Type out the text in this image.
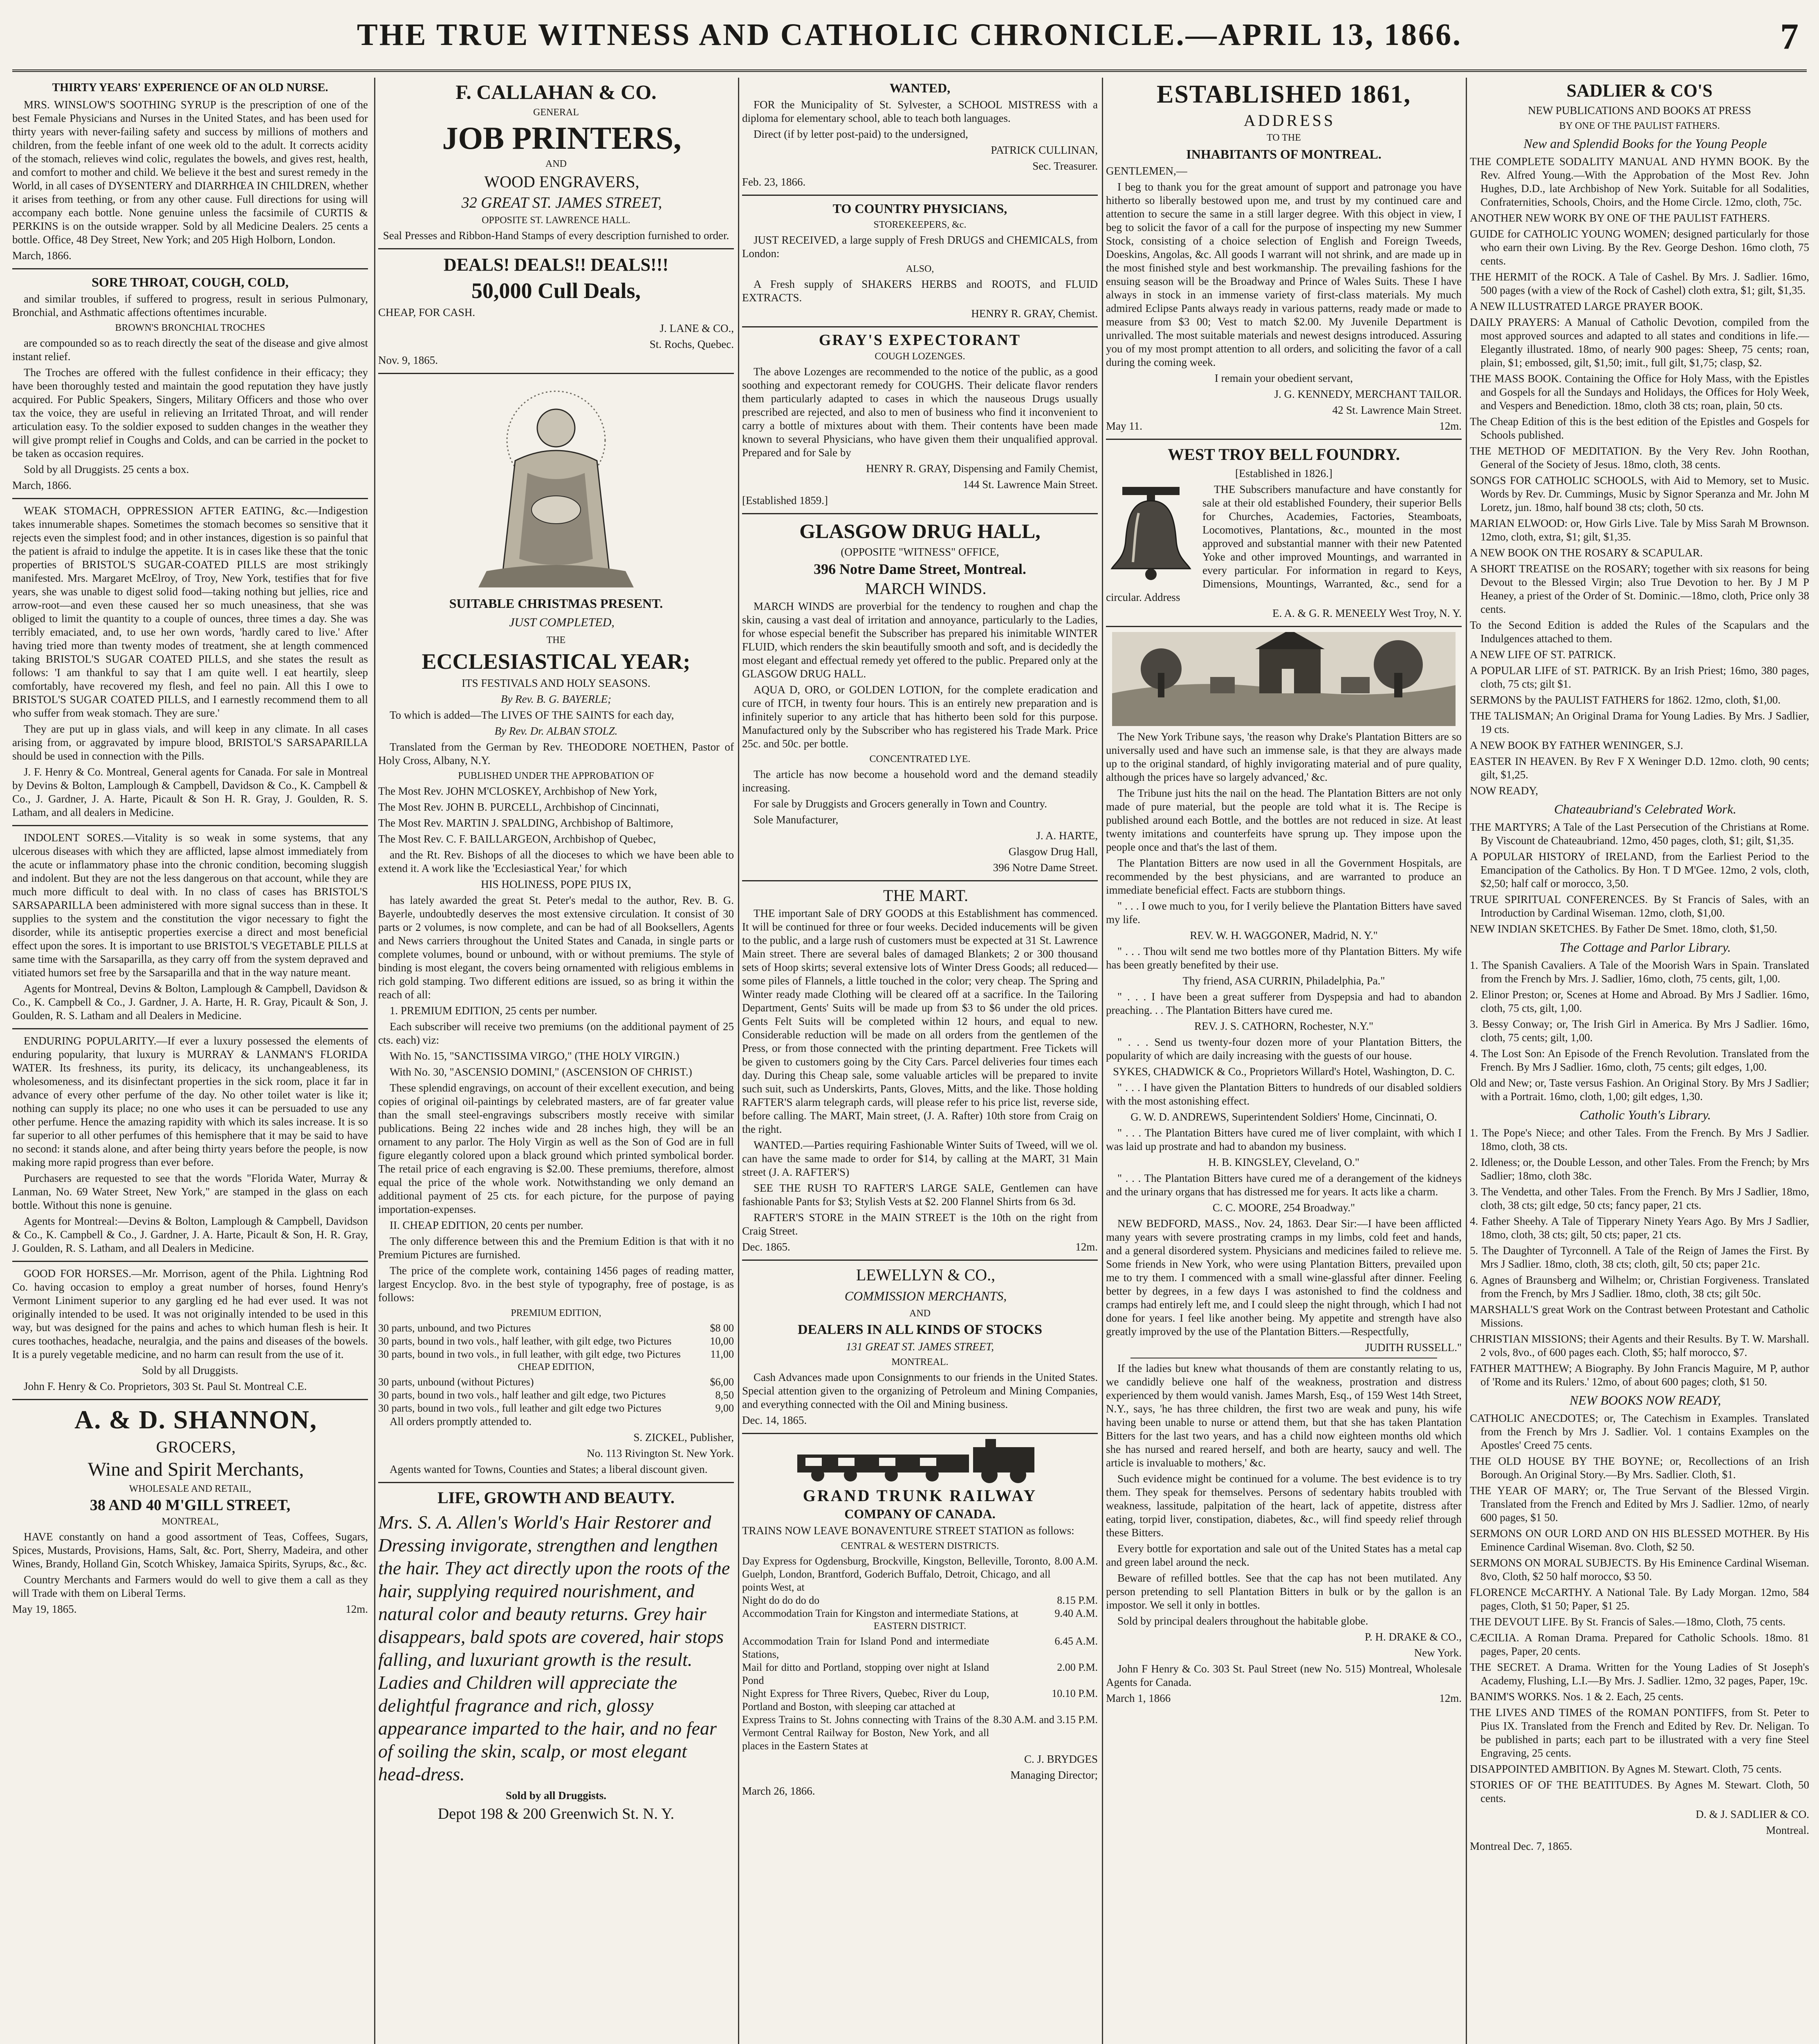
THE TRUE WITNESS AND CATHOLIC CHRONICLE.—APRIL 13, 1866.	7

THIRTY YEARS' EXPERIENCE OF AN OLD NURSE.

MRS. WINSLOW'S SOOTHING SYRUP is the prescription of one of the best Female Physicians and Nurses in the United States, and has been used for thirty years with never-failing safety and success by millions of mothers and children, from the feeble infant of one week old to the adult. It corrects acidity of the stomach, relieves wind colic, regulates the bowels, and gives rest, health, and comfort to mother and child. We believe it the best and surest remedy in the World, in all cases of DYSENTERY and DIARRHŒA IN CHILDREN, whether it arises from teething, or from any other cause. Full directions for using will accompany each bottle. None genuine unless the facsimile of CURTIS & PERKINS is on the outside wrapper. Sold by all Medicine Dealers. 25 cents a bottle. Office, 48 Dey Street, New York; and 205 High Holborn, London.

March, 1866.

SORE THROAT, COUGH, COLD,

and similar troubles, if suffered to progress, result in serious Pulmonary, Bronchial, and Asthmatic affections oftentimes incurable.

BROWN'S BRONCHIAL TROCHES

are compounded so as to reach directly the seat of the disease and give almost instant relief.

The Troches are offered with the fullest confidence in their efficacy; they have been thoroughly tested and maintain the good reputation they have justly acquired. For Public Speakers, Singers, Military Officers and those who over tax the voice, they are useful in relieving an Irritated Throat, and will render articulation easy. To the soldier exposed to sudden changes in the weather they will give prompt relief in Coughs and Colds, and can be carried in the pocket to be taken as occasion requires.

Sold by all Druggists. 25 cents a box.

March, 1866.

WEAK STOMACH, OPPRESSION AFTER EATING, &c.—Indigestion takes innumerable shapes. Sometimes the stomach becomes so sensitive that it rejects even the simplest food; and in other instances, digestion is so painful that the patient is afraid to indulge the appetite. It is in cases like these that the tonic properties of BRISTOL'S SUGAR-COATED PILLS are most strikingly manifested. Mrs. Margaret McElroy, of Troy, New York, testifies that for five years, she was unable to digest solid food—taking nothing but jellies, rice and arrow-root—and even these caused her so much uneasiness, that she was obliged to limit the quantity to a couple of ounces, three times a day. She was terribly emaciated, and, to use her own words, 'hardly cared to live.' After having tried more than twenty modes of treatment, she at length commenced taking BRISTOL'S SUGAR COATED PILLS, and she states the result as follows: 'I am thankful to say that I am quite well. I eat heartily, sleep comfortably, have recovered my flesh, and feel no pain. All this I owe to BRISTOL'S SUGAR COATED PILLS, and I earnestly recommend them to all who suffer from weak stomach. They are sure.'

They are put up in glass vials, and will keep in any climate. In all cases arising from, or aggravated by impure blood, BRISTOL'S SARSAPARILLA should be used in connection with the Pills.

J. F. Henry & Co. Montreal, General agents for Canada. For sale in Montreal by Devins & Bolton, Lamplough & Campbell, Davidson & Co., K. Campbell & Co., J. Gardner, J. A. Harte, Picault & Son H. R. Gray, J. Goulden, R. S. Latham, and all dealers in Medicine.

INDOLENT SORES.—Vitality is so weak in some systems, that any ulcerous diseases with which they are afflicted, lapse almost immediately from the acute or inflammatory phase into the chronic condition, becoming sluggish and indolent. But they are not the less dangerous on that account, while they are much more difficult to deal with. In no class of cases has BRISTOL'S SARSAPARILLA been administered with more signal success than in these. It supplies to the system and the constitution the vigor necessary to fight the disorder, while its antiseptic properties exercise a direct and most beneficial effect upon the sores. It is important to use BRISTOL'S VEGETABLE PILLS at same time with the Sarsaparilla, as they carry off from the system depraved and vitiated humors set free by the Sarsaparilla and that in the way nature meant.

Agents for Montreal, Devins & Bolton, Lamplough & Campbell, Davidson & Co., K. Campbell & Co., J. Gardner, J. A. Harte, H. R. Gray, Picault & Son, J. Goulden, R. S. Latham and all Dealers in Medicine.

ENDURING POPULARITY.—If ever a luxury possessed the elements of enduring popularity, that luxury is MURRAY & LANMAN'S FLORIDA WATER. Its freshness, its purity, its delicacy, its unchangeableness, its wholesomeness, and its disinfectant properties in the sick room, place it far in advance of every other perfume of the day. No other toilet water is like it; nothing can supply its place; no one who uses it can be persuaded to use any other perfume. Hence the amazing rapidity with which its sales increase. It is so far superior to all other perfumes of this hemisphere that it may be said to have no second: it stands alone, and after being thirty years before the people, is now making more rapid progress than ever before.

Purchasers are requested to see that the words "Florida Water, Murray & Lanman, No. 69 Water Street, New York," are stamped in the glass on each bottle. Without this none is genuine.

Agents for Montreal:—Devins & Bolton, Lamplough & Campbell, Davidson & Co., K. Campbell & Co., J. Gardner, J. A. Harte, Picault & Son, H. R. Gray, J. Goulden, R. S. Latham, and all Dealers in Medicine.

GOOD FOR HORSES.—Mr. Morrison, agent of the Phila. Lightning Rod Co. having occasion to employ a great number of horses, found Henry's Vermont Liniment superior to any gargling ed he had ever used. It was not originally intended to be used. It was not originally intended to be used in this way, but was designed for the pains and aches to which human flesh is heir. It cures toothaches, headache, neuralgia, and the pains and diseases of the bowels. It is a purely vegetable medicine, and no harm can result from the use of it.

Sold by all Druggists.

John F. Henry & Co. Proprietors, 303 St. Paul St. Montreal C.E.

A. & D. SHANNON,

GROCERS,

Wine and Spirit Merchants,

WHOLESALE AND RETAIL,

38 AND 40 M'GILL STREET,

MONTREAL,

HAVE constantly on hand a good assortment of Teas, Coffees, Sugars, Spices, Mustards, Provisions, Hams, Salt, &c. Port, Sherry, Madeira, and other Wines, Brandy, Holland Gin, Scotch Whiskey, Jamaica Spirits, Syrups, &c., &c.

Country Merchants and Farmers would do well to give them a call as they will Trade with them on Liberal Terms.

May 19, 1865.	12m.

F. CALLAHAN & CO.

GENERAL

JOB PRINTERS,

AND

WOOD ENGRAVERS,

32 GREAT ST. JAMES STREET,

OPPOSITE ST. LAWRENCE HALL.

Seal Presses and Ribbon-Hand Stamps of every description furnished to order.

DEALS! DEALS!! DEALS!!!

50,000 Cull Deals,

CHEAP, FOR CASH.

J. LANE & CO.,

St. Rochs, Quebec.

Nov. 9, 1865.

SUITABLE CHRISTMAS PRESENT.

JUST COMPLETED,

THE

ECCLESIASTICAL YEAR;

ITS FESTIVALS AND HOLY SEASONS.

By Rev. B. G. BAYERLE;

To which is added—The LIVES OF THE SAINTS for each day,

By Rev. Dr. ALBAN STOLZ.

Translated from the German by Rev. THEODORE NOETHEN, Pastor of Holy Cross, Albany, N.Y.

PUBLISHED UNDER THE APPROBATION OF

The Most Rev. JOHN M'CLOSKEY, Archbishop of New York,

The Most Rev. JOHN B. PURCELL, Archbishop of Cincinnati,

The Most Rev. MARTIN J. SPALDING, Archbishop of Baltimore,

The Most Rev. C. F. BAILLARGEON, Archbishop of Quebec,

and the Rt. Rev. Bishops of all the dioceses to which we have been able to extend it. A work like the 'Ecclesiastical Year,' for which

HIS HOLINESS, POPE PIUS IX,

has lately awarded the great St. Peter's medal to the author, Rev. B. G. Bayerle, undoubtedly deserves the most extensive circulation. It consist of 30 parts or 2 volumes, is now complete, and can be had of all Booksellers, Agents and News carriers throughout the United States and Canada, in single parts or complete volumes, bound or unbound, with or without premiums. The style of binding is most elegant, the covers being ornamented with religious emblems in rich gold stamping. Two different editions are issued, so as bring it within the reach of all:

1. PREMIUM EDITION, 25 cents per number.

Each subscriber will receive two premiums (on the additional payment of 25 cts. each) viz:

With No. 15, "SANCTISSIMA VIRGO," (THE HOLY VIRGIN.)

With No. 30, "ASCENSIO DOMINI," (ASCENSION OF CHRIST.)

These splendid engravings, on account of their excellent execution, and being copies of original oil-paintings by celebrated masters, are of far greater value than the small steel-engravings subscribers mostly receive with similar publications. Being 22 inches wide and 28 inches high, they will be an ornament to any parlor. The Holy Virgin as well as the Son of God are in full figure elegantly colored upon a black ground which printed symbolical border. The retail price of each engraving is $2.00. These premiums, therefore, almost equal the price of the whole work. Notwithstanding we only demand an additional payment of 25 cts. for each picture, for the purpose of paying importation-expenses.

II. CHEAP EDITION, 20 cents per number.

The only difference between this and the Premium Edition is that with it no Premium Pictures are furnished.

The price of the complete work, containing 1456 pages of reading matter, largest Encyclop. 8vo. in the best style of typography, free of postage, is as follows:

PREMIUM EDITION,

30 parts, unbound, and two Pictures	$8 00
30 parts, bound in two vols., half leather, with gilt edge, two Pictures	10,00
30 parts, bound in two vols., in full leather, with gilt edge, two Pictures	11,00

CHEAP EDITION,

30 parts, unbound (without Pictures)	$6,00
30 parts, bound in two vols., half leather and gilt edge, two Pictures	8,50
30 parts, bound in two vols., full leather and gilt edge two Pictures	9,00

All orders promptly attended to.

S. ZICKEL, Publisher,

No. 113 Rivington St. New York.

Agents wanted for Towns, Counties and States; a liberal discount given.

LIFE, GROWTH AND BEAUTY.

Mrs. S. A. Allen's World's Hair Restorer and Dressing invigorate, strengthen and lengthen the hair. They act directly upon the roots of the hair, supplying required nourishment, and natural color and beauty returns. Grey hair disappears, bald spots are covered, hair stops falling, and luxuriant growth is the result. Ladies and Children will appreciate the delightful fragrance and rich, glossy appearance imparted to the hair, and no fear of soiling the skin, scalp, or most elegant head-dress.

Sold by all Druggists.

Depot 198 & 200 Greenwich St. N. Y.

WANTED,

FOR the Municipality of St. Sylvester, a SCHOOL MISTRESS with a diploma for elementary school, able to teach both languages.

Direct (if by letter post-paid) to the undersigned,

PATRICK CULLINAN,

Sec. Treasurer.

Feb. 23, 1866.

TO COUNTRY PHYSICIANS,

STOREKEEPERS, &c.

JUST RECEIVED, a large supply of Fresh DRUGS and CHEMICALS, from London:

ALSO,

A Fresh supply of SHAKERS HERBS and ROOTS, and FLUID EXTRACTS.

HENRY R. GRAY, Chemist.

GRAY'S EXPECTORANT

COUGH LOZENGES.

The above Lozenges are recommended to the notice of the public, as a good soothing and expectorant remedy for COUGHS. Their delicate flavor renders them particularly adapted to cases in which the nauseous Drugs usually prescribed are rejected, and also to men of business who find it inconvenient to carry a bottle of mixtures about with them. Their contents have been made known to several Physicians, who have given them their unqualified approval. Prepared and for Sale by

HENRY R. GRAY, Dispensing and Family Chemist,

144 St. Lawrence Main Street.

[Established 1859.]

GLASGOW DRUG HALL,

(OPPOSITE "WITNESS" OFFICE,

396 Notre Dame Street, Montreal.

MARCH WINDS.

MARCH WINDS are proverbial for the tendency to roughen and chap the skin, causing a vast deal of irritation and annoyance, particularly to the Ladies, for whose especial benefit the Subscriber has prepared his inimitable WINTER FLUID, which renders the skin beautifully smooth and soft, and is decidedly the most elegant and effectual remedy yet offered to the public. Prepared only at the GLASGOW DRUG HALL.

AQUA D, ORO, or GOLDEN LOTION, for the complete eradication and cure of ITCH, in twenty four hours. This is an entirely new preparation and is infinitely superior to any article that has hitherto been sold for this purpose. Manufactured only by the Subscriber who has registered his Trade Mark. Price 25c. and 50c. per bottle.

CONCENTRATED LYE.

The article has now become a household word and the demand steadily increasing.

For sale by Druggists and Grocers generally in Town and Country.

Sole Manufacturer,

J. A. HARTE,

Glasgow Drug Hall,

396 Notre Dame Street.

THE MART.

THE important Sale of DRY GOODS at this Establishment has commenced. It will be continued for three or four weeks. Decided inducements will be given to the public, and a large rush of customers must be expected at 31 St. Lawrence Main street. There are several bales of damaged Blankets; 2 or 300 thousand sets of Hoop skirts; several extensive lots of Winter Dress Goods; all reduced—some piles of Flannels, a little touched in the color; very cheap. The Spring and Winter ready made Clothing will be cleared off at a sacrifice. In the Tailoring Department, Gents' Suits will be made up from $3 to $6 under the old prices. Gents Felt Suits will be completed within 12 hours, and equal to new. Considerable reduction will be made on all orders from the gentlemen of the Press, or from those connected with the printing department. Free Tickets will be given to customers going by the City Cars. Parcel deliveries four times each day. During this Cheap sale, some valuable articles will be prepared to invite such suit, such as Underskirts, Pants, Gloves, Mitts, and the like. Those holding RAFTER'S alarm telegraph cards, will please refer to his price list, reverse side, before calling. The MART, Main street, (J. A. Rafter) 10th store from Craig on the right.

WANTED.—Parties requiring Fashionable Winter Suits of Tweed, will we ol. can have the same made to order for $14, by calling at the MART, 31 Main street (J. A. RAFTER'S)

SEE THE RUSH TO RAFTER'S LARGE SALE, Gentlemen can have fashionable Pants for $3; Stylish Vests at $2. 200 Flannel Shirts from 6s 3d.

RAFTER'S STORE in the MAIN STREET is the 10th on the right from Craig Street.

Dec. 1865.	12m.

LEWELLYN & CO.,

COMMISSION MERCHANTS,

AND

DEALERS IN ALL KINDS OF STOCKS

131 GREAT ST. JAMES STREET,

MONTREAL.

Cash Advances made upon Consignments to our friends in the United States. Special attention given to the organizing of Petroleum and Mining Companies, and everything connected with the Oil and Mining business.

Dec. 14, 1865.

GRAND TRUNK RAILWAY

COMPANY OF CANADA.

TRAINS NOW LEAVE BONAVENTURE STREET STATION as follows:

CENTRAL & WESTERN DISTRICTS.

Day Express for Ogdensburg, Brockville, Kingston, Belleville, Toronto, Guelph, London, Brantford, Goderich Buffalo, Detroit, Chicago, and all points West, at	8.00 A.M.
Night do do do do	8.15 P.M.
Accommodation Train for Kingston and intermediate Stations, at	9.40 A.M.

EASTERN DISTRICT.

Accommodation Train for Island Pond and intermediate Stations,	6.45 A.M.
Mail for ditto and Portland, stopping over night at Island Pond	2.00 P.M.
Night Express for Three Rivers, Quebec, River du Loup, Portland and Boston, with sleeping car attached at	10.10 P.M.
Express Trains to St. Johns connecting with Trains of the Vermont Central Railway for Boston, New York, and all places in the Eastern States at	8.30 A.M. and 3.15 P.M.

C. J. BRYDGES

Managing Director;

March 26, 1866.

ESTABLISHED 1861,

ADDRESS

TO THE

INHABITANTS OF MONTREAL.

GENTLEMEN,—

I beg to thank you for the great amount of support and patronage you have hitherto so liberally bestowed upon me, and trust by my continued care and attention to secure the same in a still larger degree. With this object in view, I beg to solicit the favor of a call for the purpose of inspecting my new Summer Stock, consisting of a choice selection of English and Foreign Tweeds, Doeskins, Angolas, &c. All goods I warrant will not shrink, and are made up in the most finished style and best workmanship. The prevailing fashions for the ensuing season will be the Broadway and Prince of Wales Suits. These I have always in stock in an immense variety of first-class materials. My much admired Eclipse Pants always ready in various patterns, ready made or made to measure from $3 00; Vest to match $2.00. My Juvenile Department is unrivalled. The most suitable materials and newest designs introduced. Assuring you of my most prompt attention to all orders, and soliciting the favor of a call during the coming week.

I remain your obedient servant,

J. G. KENNEDY, MERCHANT TAILOR.

42 St. Lawrence Main Street.

May 11.	12m.

WEST TROY BELL FOUNDRY.

[Established in 1826.]

THE Subscribers manufacture and have constantly for sale at their old established Foundery, their superior Bells for Churches, Academies, Factories, Steamboats, Locomotives, Plantations, &c., mounted in the most approved and substantial manner with their new Patented Yoke and other improved Mountings, and warranted in every particular. For information in regard to Keys, Dimensions, Mountings, Warranted, &c., send for a circular. Address

E. A. & G. R. MENEELY West Troy, N. Y.

The New York Tribune says, 'the reason why Drake's Plantation Bitters are so universally used and have such an immense sale, is that they are always made up to the original standard, of highly invigorating material and of pure quality, although the prices have so largely advanced,' &c.

The Tribune just hits the nail on the head. The Plantation Bitters are not only made of pure material, but the people are told what it is. The Recipe is published around each Bottle, and the bottles are not reduced in size. At least twenty imitations and counterfeits have sprung up. They impose upon the people once and that's the last of them.

The Plantation Bitters are now used in all the Government Hospitals, are recommended by the best physicians, and are warranted to produce an immediate beneficial effect. Facts are stubborn things.

" . . . I owe much to you, for I verily believe the Plantation Bitters have saved my life.

REV. W. H. WAGGONER, Madrid, N. Y."

" . . . Thou wilt send me two bottles more of thy Plantation Bitters. My wife has been greatly benefited by their use.

Thy friend, ASA CURRIN, Philadelphia, Pa."

" . . . I have been a great sufferer from Dyspepsia and had to abandon preaching. . . The Plantation Bitters have cured me.

REV. J. S. CATHORN, Rochester, N.Y."

" . . . Send us twenty-four dozen more of your Plantation Bitters, the popularity of which are daily increasing with the guests of our house.

SYKES, CHADWICK & Co., Proprietors Willard's Hotel, Washington, D. C.

" . . . I have given the Plantation Bitters to hundreds of our disabled soldiers with the most astonishing effect.

G. W. D. ANDREWS, Superintendent Soldiers' Home, Cincinnati, O.

" . . . The Plantation Bitters have cured me of liver complaint, with which I was laid up prostrate and had to abandon my business.

H. B. KINGSLEY, Cleveland, O."

" . . . The Plantation Bitters have cured me of a derangement of the kidneys and the urinary organs that has distressed me for years. It acts like a charm.

C. C. MOORE, 254 Broadway."

NEW BEDFORD, MASS., Nov. 24, 1863. Dear Sir:—I have been afflicted many years with severe prostrating cramps in my limbs, cold feet and hands, and a general disordered system. Physicians and medicines failed to relieve me. Some friends in New York, who were using Plantation Bitters, prevailed upon me to try them. I commenced with a small wine-glassful after dinner. Feeling better by degrees, in a few days I was astonished to find the coldness and cramps had entirely left me, and I could sleep the night through, which I had not done for years. I feel like another being. My appetite and strength have also greatly improved by the use of the Plantation Bitters.—Respectfully,

JUDITH RUSSELL."

If the ladies but knew what thousands of them are constantly relating to us, we candidly believe one half of the weakness, prostration and distress experienced by them would vanish. James Marsh, Esq., of 159 West 14th Street, N.Y., says, 'he has three children, the first two are weak and puny, his wife having been unable to nurse or attend them, but that she has taken Plantation Bitters for the last two years, and has a child now eighteen months old which she has nursed and reared herself, and both are hearty, saucy and well. The article is invaluable to mothers,' &c.

Such evidence might be continued for a volume. The best evidence is to try them. They speak for themselves. Persons of sedentary habits troubled with weakness, lassitude, palpitation of the heart, lack of appetite, distress after eating, torpid liver, constipation, diabetes, &c., will find speedy relief through these Bitters.

Every bottle for exportation and sale out of the United States has a metal cap and green label around the neck.

Beware of refilled bottles. See that the cap has not been mutilated. Any person pretending to sell Plantation Bitters in bulk or by the gallon is an impostor. We sell it only in bottles.

Sold by principal dealers throughout the habitable globe.

P. H. DRAKE & CO.,

New York.

John F Henry & Co. 303 St. Paul Street (new No. 515) Montreal, Wholesale Agents for Canada.

March 1, 1866	12m.

SADLIER & CO'S

NEW PUBLICATIONS AND BOOKS AT PRESS

BY ONE OF THE PAULIST FATHERS.

New and Splendid Books for the Young People

THE COMPLETE SODALITY MANUAL AND HYMN BOOK. By the Rev. Alfred Young.—With the Approbation of the Most Rev. John Hughes, D.D., late Archbishop of New York. Suitable for all Sodalities, Confraternities, Schools, Choirs, and the Home Circle. 12mo, cloth, 75c.

ANOTHER NEW WORK BY ONE OF THE PAULIST FATHERS.

GUIDE for CATHOLIC YOUNG WOMEN; designed particularly for those who earn their own Living. By the Rev. George Deshon. 16mo cloth, 75 cents.

THE HERMIT of the ROCK. A Tale of Cashel. By Mrs. J. Sadlier. 16mo, 500 pages (with a view of the Rock of Cashel) cloth extra, $1; gilt, $1,35.

A NEW ILLUSTRATED LARGE PRAYER BOOK.

DAILY PRAYERS: A Manual of Catholic Devotion, compiled from the most approved sources and adapted to all states and conditions in life.—Elegantly illustrated. 18mo, of nearly 900 pages: Sheep, 75 cents; roan, plain, $1; embossed, gilt, $1,50; imit., full gilt, $1,75; clasp, $2.

THE MASS BOOK. Containing the Office for Holy Mass, with the Epistles and Gospels for all the Sundays and Holidays, the Offices for Holy Week, and Vespers and Benediction. 18mo, cloth 38 cts; roan, plain, 50 cts.

The Cheap Edition of this is the best edition of the Epistles and Gospels for Schools published.

THE METHOD OF MEDITATION. By the Very Rev. John Roothan, General of the Society of Jesus. 18mo, cloth, 38 cents.

SONGS FOR CATHOLIC SCHOOLS, with Aid to Memory, set to Music. Words by Rev. Dr. Cummings, Music by Signor Speranza and Mr. John M Loretz, jun. 18mo, half bound 38 cts; cloth, 50 cts.

MARIAN ELWOOD: or, How Girls Live. Tale by Miss Sarah M Brownson. 12mo, cloth, extra, $1; gilt, $1,35.

A NEW BOOK ON THE ROSARY & SCAPULAR.

A SHORT TREATISE on the ROSARY; together with six reasons for being Devout to the Blessed Virgin; also True Devotion to her. By J M P Heaney, a priest of the Order of St. Dominic.—18mo, cloth, Price only 38 cents.

To the Second Edition is added the Rules of the Scapulars and the Indulgences attached to them.

A NEW LIFE OF ST. PATRICK.

A POPULAR LIFE of ST. PATRICK. By an Irish Priest; 16mo, 380 pages, cloth, 75 cts; gilt $1.

SERMONS by the PAULIST FATHERS for 1862. 12mo, cloth, $1,00.

THE TALISMAN; An Original Drama for Young Ladies. By Mrs. J Sadlier, 19 cts.

A NEW BOOK BY FATHER WENINGER, S.J.

EASTER IN HEAVEN. By Rev F X Weninger D.D. 12mo. cloth, 90 cents; gilt, $1,25.

NOW READY,

Chateaubriand's Celebrated Work.

THE MARTYRS; A Tale of the Last Persecution of the Christians at Rome. By Viscount de Chateaubriand. 12mo, 450 pages, cloth, $1; gilt, $1,35.

A POPULAR HISTORY of IRELAND, from the Earliest Period to the Emancipation of the Catholics. By Hon. T D M'Gee. 12mo, 2 vols, cloth, $2,50; half calf or morocco, 3,50.

TRUE SPIRITUAL CONFERENCES. By St Francis of Sales, with an Introduction by Cardinal Wiseman. 12mo, cloth, $1,00.

NEW INDIAN SKETCHES. By Father De Smet. 18mo, cloth, $1,50.

The Cottage and Parlor Library.

1. The Spanish Cavaliers. A Tale of the Moorish Wars in Spain. Translated from the French by Mrs. J. Sadlier, 16mo, cloth, 75 cents, gilt, 1,00.

2. Elinor Preston; or, Scenes at Home and Abroad. By Mrs J Sadlier. 16mo, cloth, 75 cts, gilt, 1,00.

3. Bessy Conway; or, The Irish Girl in America. By Mrs J Sadlier. 16mo, cloth, 75 cents; gilt, 1,00.

4. The Lost Son: An Episode of the French Revolution. Translated from the French. By Mrs J Sadlier. 16mo, cloth, 75 cents; gilt edges, 1,00.

Old and New; or, Taste versus Fashion. An Original Story. By Mrs J Sadlier; with a Portrait. 16mo, cloth, 1,00; gilt edges, 1,30.

Catholic Youth's Library.

1. The Pope's Niece; and other Tales. From the French. By Mrs J Sadlier. 18mo, cloth, 38 cts.

2. Idleness; or, the Double Lesson, and other Tales. From the French; by Mrs Sadlier; 18mo, cloth 38c.

3. The Vendetta, and other Tales. From the French. By Mrs J Sadlier, 18mo, cloth, 38 cts; gilt edge, 50 cts; fancy paper, 21 cts.

4. Father Sheehy. A Tale of Tipperary Ninety Years Ago. By Mrs J Sadlier, 18mo, cloth, 38 cts; gilt, 50 cts; paper, 21 cts.

5. The Daughter of Tyrconnell. A Tale of the Reign of James the First. By Mrs J Sadlier. 18mo, cloth, 38 cts; cloth, gilt, 50 cts; paper 21c.

6. Agnes of Braunsberg and Wilhelm; or, Christian Forgiveness. Translated from the French, by Mrs J Sadlier. 18mo, cloth, 38 cts; gilt 50c.

MARSHALL'S great Work on the Contrast between Protestant and Catholic Missions.

CHRISTIAN MISSIONS; their Agents and their Results. By T. W. Marshall. 2 vols, 8vo., of 600 pages each. Cloth, $5; half morocco, $7.

FATHER MATTHEW; A Biography. By John Francis Maguire, M P, author of 'Rome and its Rulers.' 12mo, of about 600 pages; cloth, $1 50.

NEW BOOKS NOW READY,

CATHOLIC ANECDOTES; or, The Catechism in Examples. Translated from the French by Mrs J. Sadlier. Vol. 1 contains Examples on the Apostles' Creed 75 cents.

THE OLD HOUSE BY THE BOYNE; or, Recollections of an Irish Borough. An Original Story.—By Mrs. Sadlier. Cloth, $1.

THE YEAR OF MARY; or, The True Servant of the Blessed Virgin. Translated from the French and Edited by Mrs J. Sadlier. 12mo, of nearly 600 pages, $1 50.

SERMONS ON OUR LORD AND ON HIS BLESSED MOTHER. By His Eminence Cardinal Wiseman. 8vo. Cloth, $2 50.

SERMONS ON MORAL SUBJECTS. By His Eminence Cardinal Wiseman. 8vo, Cloth, $2 50 half morocco, $3 50.

FLORENCE McCARTHY. A National Tale. By Lady Morgan. 12mo, 584 pages, Cloth, $1 50; Paper, $1 25.

THE DEVOUT LIFE. By St. Francis of Sales.—18mo, Cloth, 75 cents.

CÆCILIA. A Roman Drama. Prepared for Catholic Schools. 18mo. 81 pages, Paper, 20 cents.

THE SECRET. A Drama. Written for the Young Ladies of St Joseph's Academy, Flushing, L.I.—By Mrs. J. Sadlier. 12mo, 32 pages, Paper, 19c.

BANIM'S WORKS. Nos. 1 & 2. Each, 25 cents.

THE LIVES AND TIMES of the ROMAN PONTIFFS, from St. Peter to Pius IX. Translated from the French and Edited by Rev. Dr. Neligan. To be published in parts; each part to be illustrated with a very fine Steel Engraving, 25 cents.

DISAPPOINTED AMBITION. By Agnes M. Stewart. Cloth, 75 cents.

STORIES OF OF THE BEATITUDES. By Agnes M. Stewart. Cloth, 50 cents.

D. & J. SADLIER & CO.

Montreal.

Montreal Dec. 7, 1865.
